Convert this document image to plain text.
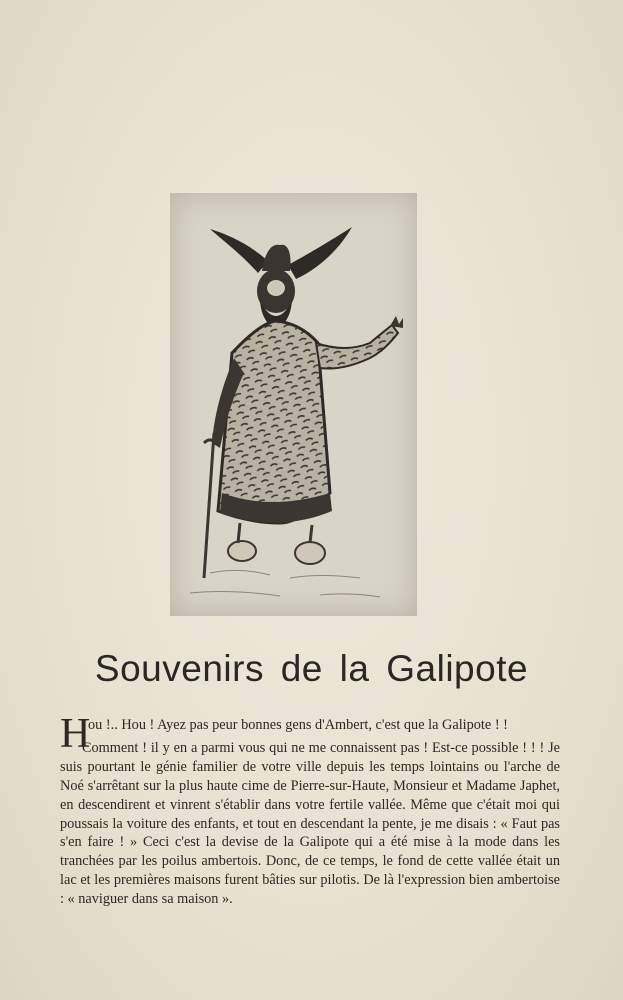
Souvenirs de la Galipote

H
ou !.. Hou ! Ayez pas peur bonnes gens d'Ambert, c'est que la Galipote ! !

Comment ! il y en a parmi vous qui ne me connaissent pas ! Est-ce possible ! ! ! Je suis pourtant le génie familier de votre ville depuis les temps lointains ou l'arche de Noé s'arrêtant sur la plus haute cime de Pierre-sur-Haute, Monsieur et Madame Japhet, en descendirent et vinrent s'établir dans votre fertile vallée. Même que c'était moi qui poussais la voiture des enfants, et tout en descendant la pente, je me disais : « Faut pas s'en faire ! » Ceci c'est la devise de la Galipote qui a été mise à la mode dans les tranchées par les poilus ambertois. Donc, de ce temps, le fond de cette vallée était un lac et les premières maisons furent bâties sur pilotis. De là l'expression bien ambertoise : « naviguer dans sa maison ».
